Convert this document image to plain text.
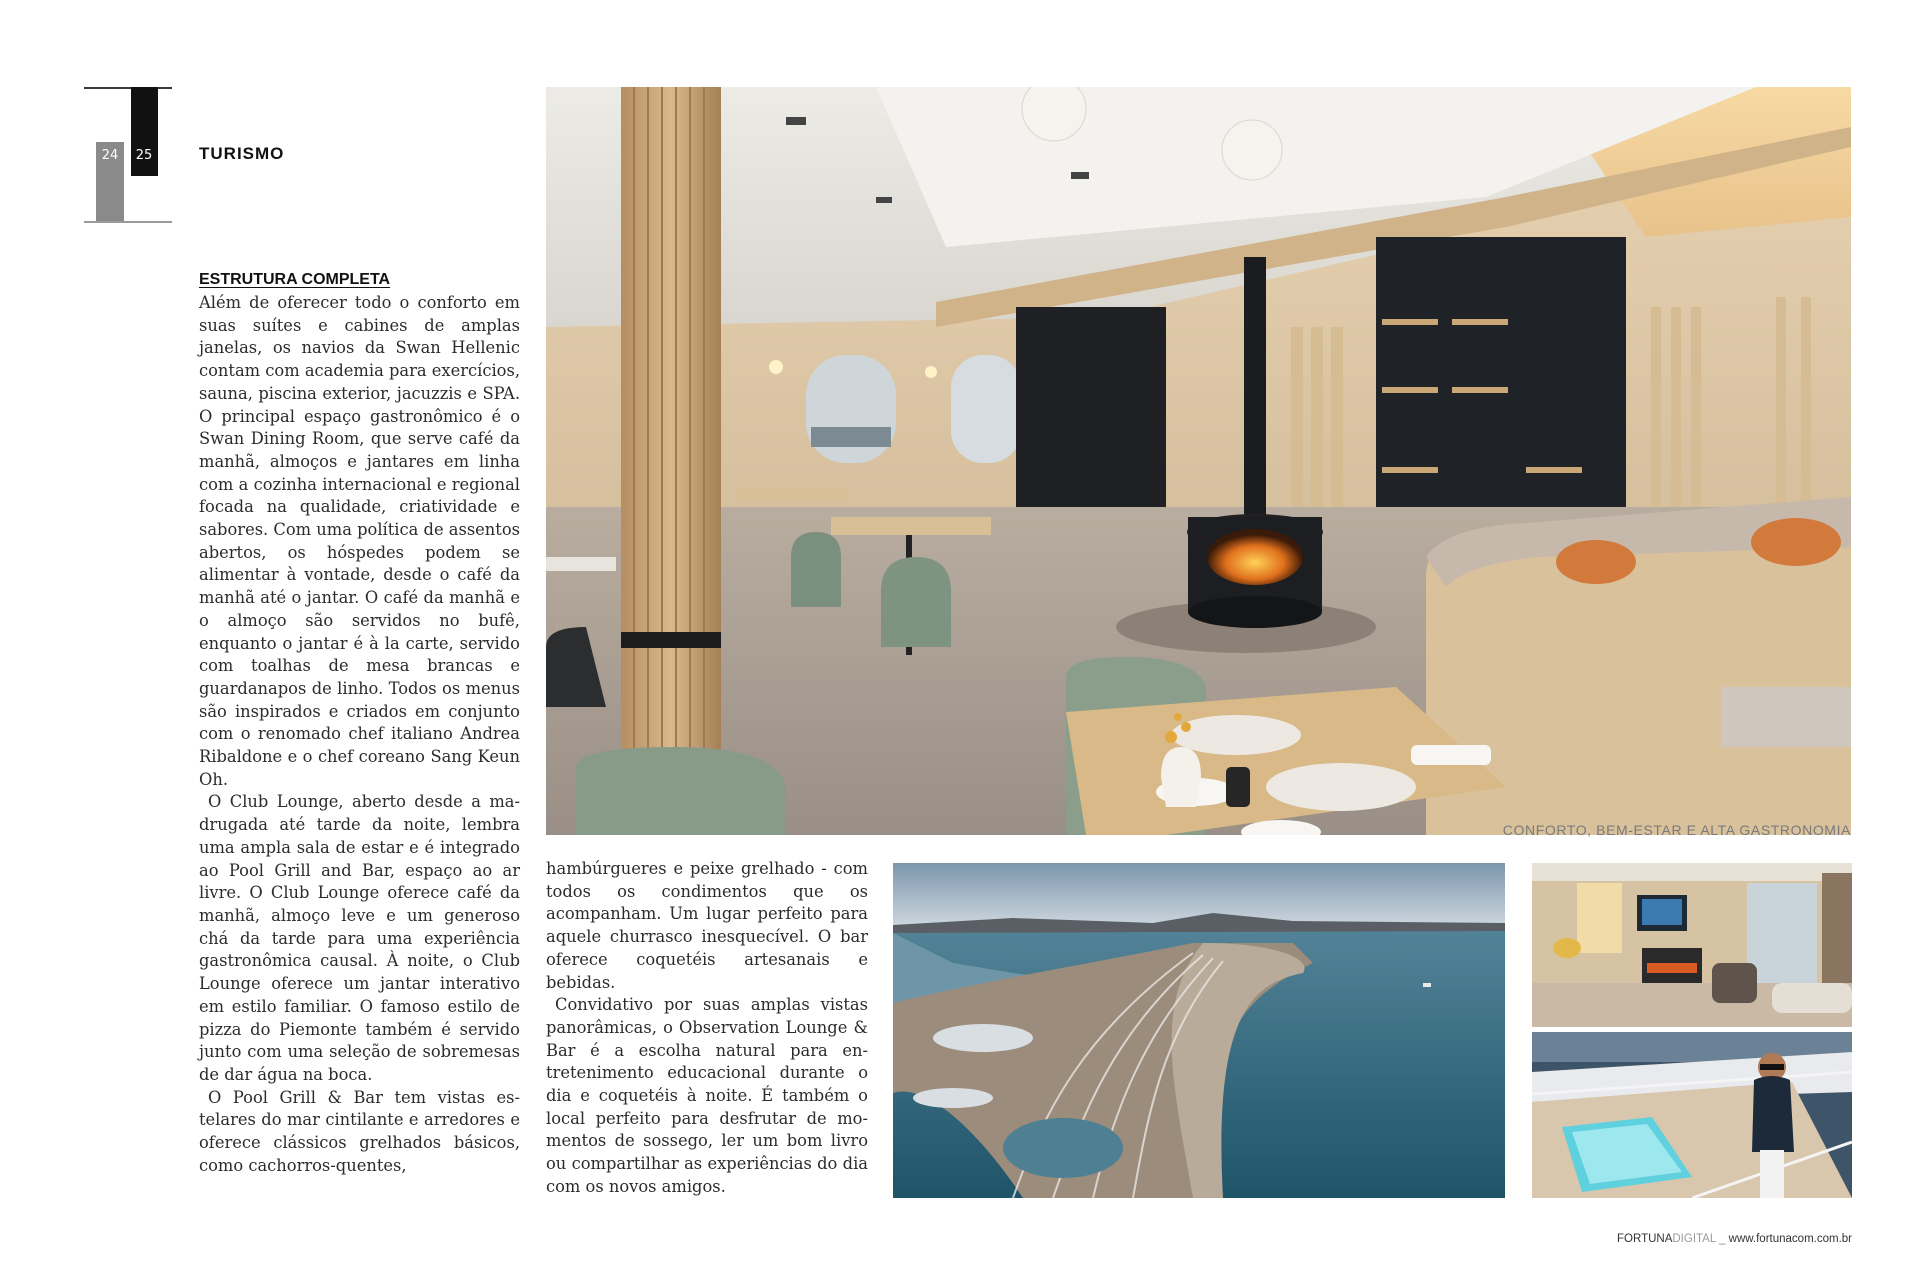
24	25	TURISMO
ESTRUTURA COMPLETA

Além de oferecer todo o conforto em suas suítes e cabines de amplas janelas, os navios da Swan Hellenic contam com academia para exercícios, sauna, piscina exterior, jacuzzis e SPA. O principal espaço gastronômico é o Swan Dining Room, que serve café da manhã, almoços e jantares em linha com a cozinha internacional e regional focada na qualidade, criatividade e sabores. Com uma política de assentos abertos, os hóspedes podem se alimentar à vontade, desde o café da manhã até o jantar. O café da manhã e o almoço são servidos no bufê, enquanto o jantar é à la carte, servido com toalhas de mesa brancas e guardanapos de linho. Todos os menus são inspirados e criados em conjunto com o renomado chef italiano Andrea Ribaldone e o chef coreano Sang Keun Oh.

O Club Lounge, aberto desde a madrugada até tarde da noite, lembra uma ampla sala de estar e é integrado ao Pool Grill and Bar, espaço ao ar livre. O Club Lounge oferece café da manhã, almoço leve e um generoso chá da tarde para uma experiência gastronômica causal. À noite, o Club Lounge oferece um jantar interativo em estilo familiar. O famoso estilo de pizza do Piemonte também é servido junto com uma seleção de sobremesas de dar água na boca.

O Pool Grill & Bar tem vistas estelares do mar cintilante e arredores e oferece clássicos grelhados básicos, como cachorros-quentes,

hambúrgueres e peixe grelhado - com todos os condimentos que os acompanham. Um lugar perfeito para aquele churrasco inesquecível. O bar oferece coquetéis artesanais e bebidas.

Convidativo por suas amplas vistas panorâmicas, o Observation Lounge & Bar é a escolha natural para entretenimento educacional durante o dia e coquetéis à noite. É também o local perfeito para desfrutar de momentos de sossego, ler um bom livro ou compartilhar as experiências do dia com os novos amigos.

CONFORTO, BEM-ESTAR E ALTA GASTRONOMIA
FORTUNADIGITAL _ www.fortunacom.com.br
